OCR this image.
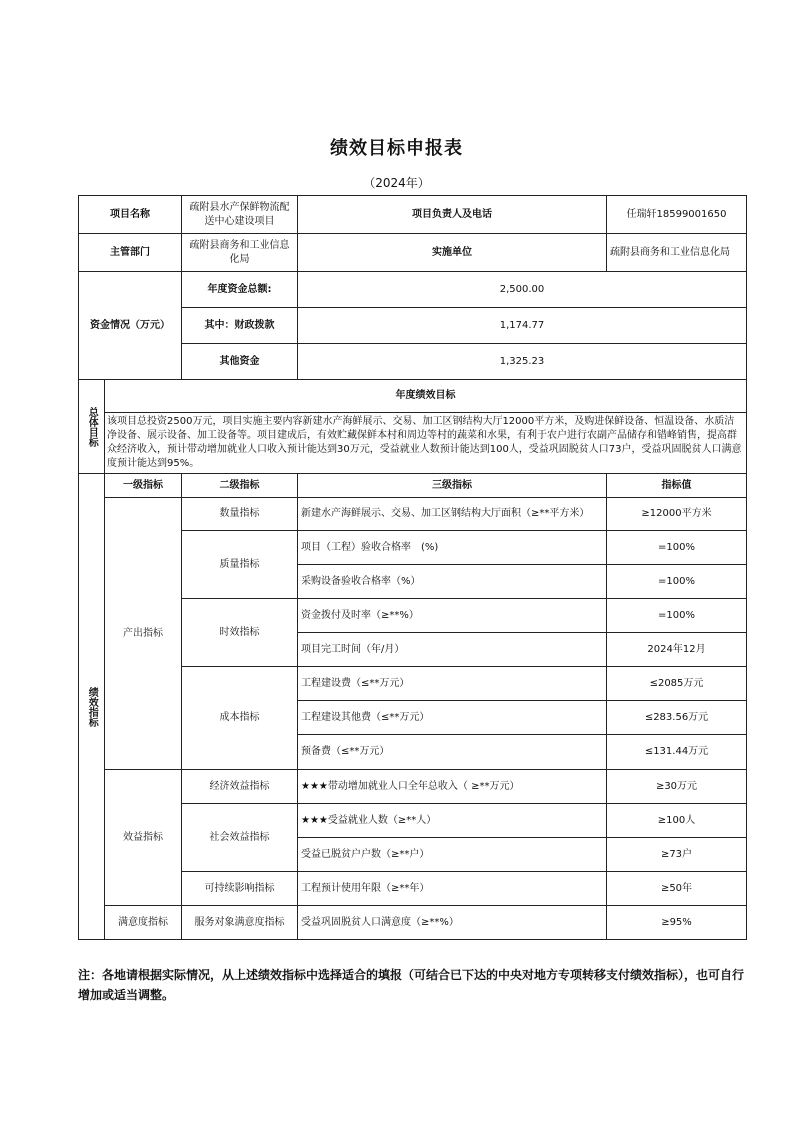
绩效目标申报表
（2024年）
项目名称		疏附县水产保鲜物流配送中心建设项目	项目负责人及电话	任瑞轩18599001650
主管部门		疏附县商务和工业信息化局	实施单位	疏附县商务和工业信息化局
资金情况（万元）		年度资金总额:	2,500.00	
		其中：财政拨款	1,174.77	
		其他资金	1,325.23	
总体目标	年度绩效目标			
	该项目总投资2500万元，项目实施主要内容新建水产海鲜展示、交易、加工区钢结构大厅12000平方米，及购进保鲜设备、恒温设备、水质洁净设备、展示设备、加工设备等。项目建成后，有效贮藏保鲜本村和周边等村的蔬菜和水果，有利于农户进行农副产品储存和错峰销售，提高群众经济收入，预计带动增加就业人口收入预计能达到30万元，受益就业人数预计能达到100人，受益巩固脱贫人口73户，受益巩固脱贫人口满意度预计能达到95%。			
绩效指标	一级指标	二级指标	三级指标	指标值
	产出指标	数量指标	新建水产海鲜展示、交易、加工区钢结构大厅面积（≥**平方米）	≥12000平方米
		质量指标	项目（工程）验收合格率　(%)	=100%
			采购设备验收合格率（%）	=100%
		时效指标	资金拨付及时率（≥**%）	=100%
			项目完工时间（年/月）	2024年12月
		成本指标	工程建设费（≤**万元）	≤2085万元
			工程建设其他费（≤**万元）	≤283.56万元
			预备费（≤**万元）	≤131.44万元
	效益指标	经济效益指标	★★★带动增加就业人口全年总收入（ ≥**万元）	≥30万元
		社会效益指标	★★★受益就业人数（≥**人）	≥100人
			受益已脱贫户户数（≥**户）	≥73户
		可持续影响指标	工程预计使用年限（≥**年）	≥50年
	满意度指标	服务对象满意度指标	受益巩固脱贫人口满意度（≥**%）	≥95%
注：各地请根据实际情况，从上述绩效指标中选择适合的填报（可结合已下达的中央对地方专项转移支付绩效指标），也可自行增加或适当调整。
